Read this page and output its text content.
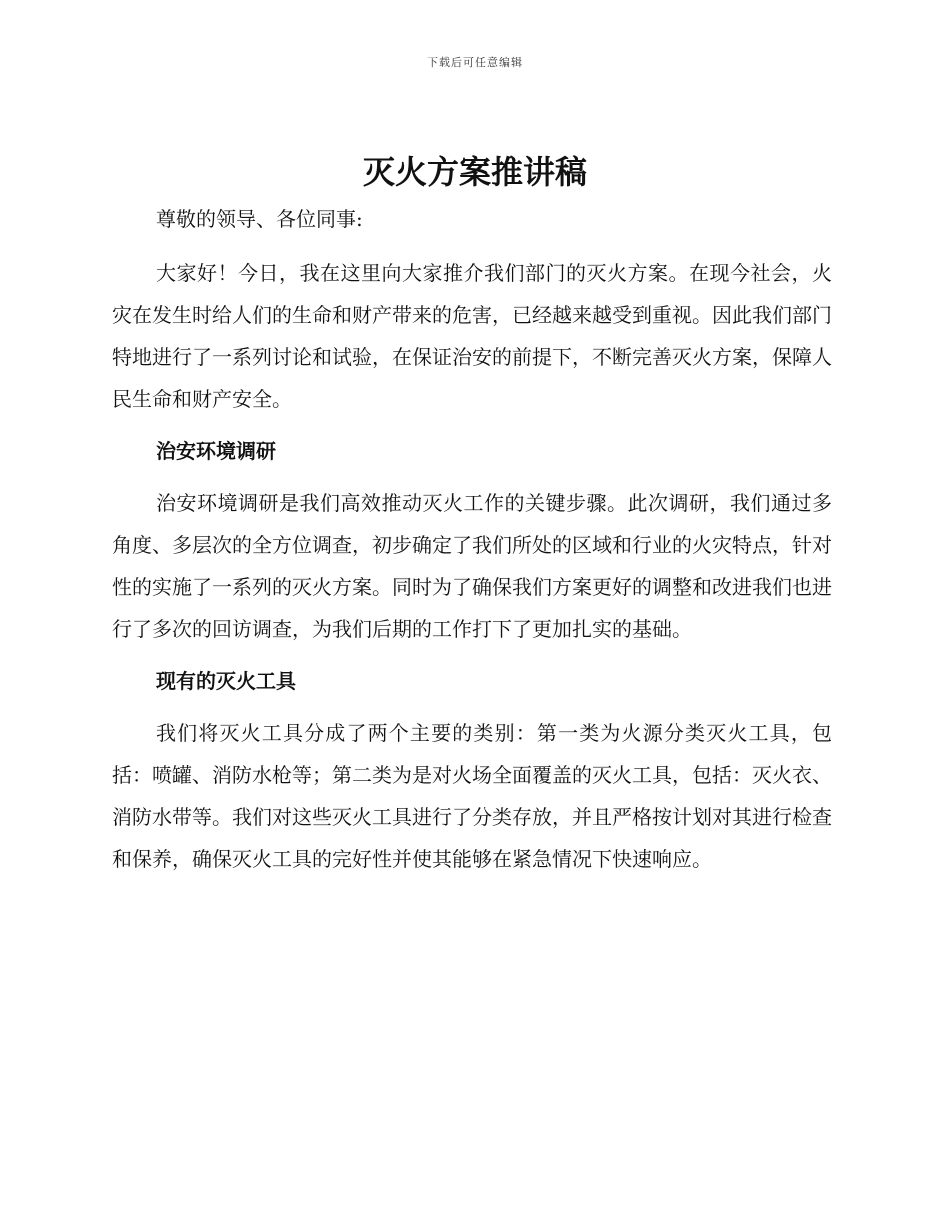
下载后可任意编辑
灭火方案推讲稿

尊敬的领导、各位同事:

大家好！今日，我在这里向大家推介我们部门的灭火方案。在现今社会，火灾在发生时给人们的生命和财产带来的危害，已经越来越受到重视。因此我们部门特地进行了一系列讨论和试验，在保证治安的前提下，不断完善灭火方案，保障人民生命和财产安全。

治安环境调研

治安环境调研是我们高效推动灭火工作的关键步骤。此次调研，我们通过多角度、多层次的全方位调查，初步确定了我们所处的区域和行业的火灾特点，针对性的实施了一系列的灭火方案。同时为了确保我们方案更好的调整和改进我们也进行了多次的回访调查，为我们后期的工作打下了更加扎实的基础。

现有的灭火工具

我们将灭火工具分成了两个主要的类别：第一类为火源分类灭火工具，包括：喷罐、消防水枪等；第二类为是对火场全面覆盖的灭火工具，包括：灭火衣、消防水带等。我们对这些灭火工具进行了分类存放，并且严格按计划对其进行检查和保养，确保灭火工具的完好性并使其能够在紧急情况下快速响应。
